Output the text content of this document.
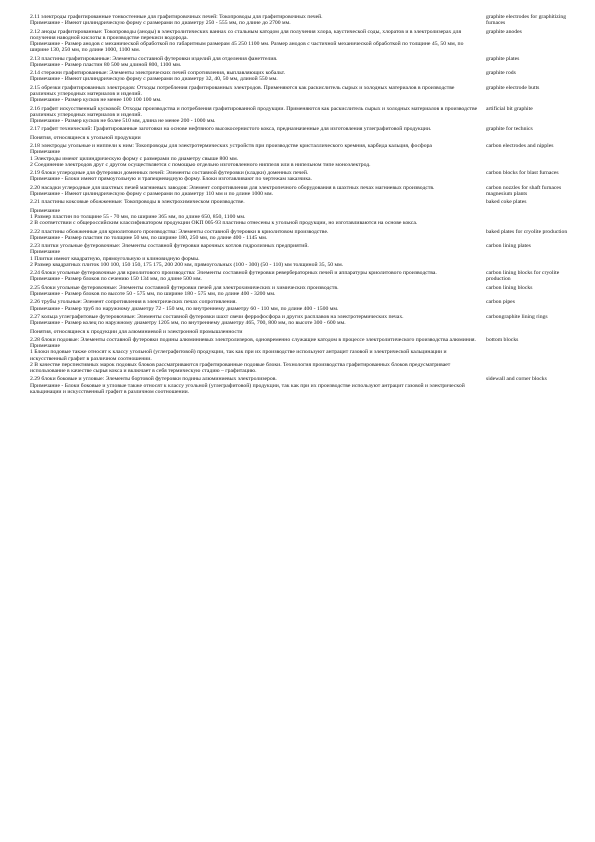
2.11 электроды графитированные тонкостенные для графитировочных печей: Токопроводы для графитировочных печей.

Примечание - Имеют цилиндрическую форму с размерами по диаметру 250 - 555 мм, по длине до 2700 мм.

graphite electrodes for graphitizing furnaces

2.12 аноды графитированные: Токопроводы (аноды) в электролитических ваннах со стальным катодом для получения хлора, каустической соды, хлоратов и в электролизерах для получения наводной кислоты в производстве перекиси водорода.

Примечание - Размер анодов с механической обработкой по габаритным размерам 45 250 1100 мм. Размер анодов с частичной механической обработкой по толщине 45, 50 мм, по ширине 130, 250 мм, по длине 1000, 1100 мм.

graphite anodes

2.13 пластины графитированные: Элементы составной футеровки изделий для отделения фанеттелия.

Примечание - Размер пластин 80 500 мм длиной 800, 1100 мм.

graphite plates

2.14 стержни графитированные: Элементы электрических печей сопротивления, выплавляющих кобальт.

Примечание - Имеют цилиндрическую форму с размерами по диаметру 32, 40, 50 мм, длиной 550 мм.

graphite rods

2.15 обрезки графитированных электродов: Отходы потребления графитированных электродов. Применяются как раскислитель сырых и холодных материалов в производстве различных углеродных материалов и изделий.

Примечание - Размер кусков не менее 100 100 100 мм.

graphite electrode butts

2.16 графит искусственный кусковой: Отходы производства и потребления графитированной продукции. Применяются как раскислитель сырых и холодных материалов в производстве различных углеродных материалов и изделий.

Примечание - Размер кусков не более 510 мм, длина не менее 200 - 1000 мм.

artificial bit graphite

2.17 графит технический: Графитированные заготовки на основе нефтяного высокосернистого кокса, предназначенные для изготовления углеграфитовой продукции.	graphite for technics
Понятия, относящиеся к угольной продукции

2.18 электроды угольные и ниппели к ним: Токопроводы для электротермических устройств при производстве кристаллического кремния, карбида кальция, фосфора

Примечание

1 Электроды имеют цилиндрическую форму с размерами по диаметру свыше 800 мм.

2 Соединение электродов друг с другом осуществляется с помощью отдельно изготовленного ниппеля или в нипельном типе моноэлектрод.

carbon electrodes and nipples

2.19 блоки углеродные для футеровки доменных печей: Элементы составной футеровки (кладки) доменных печей.

Примечание - Блоки имеют прямоугольную и трапециевидную форму. Блоки изготавливают по чертежам заказчика.

carbon blocks for blast furnaces

2.20 насадки углеродные для шахтных печей магниевых заводов: Элемент сопротивления для электропечного оборудования в шахтных печах магниевых производств.

Примечание - Имеют цилиндрическую форму с размерами по диаметру 110 мм и по длине 1000 мм.

carbon nozzles for shaft furnaces magnesium plants

2.21 пластины коксовые обожженные: Токопроводы в электрохимическом производстве.	baked coke plates

Примечание

1 Размер пластин по толщине 55 - 70 мм, по ширине 365 мм, по длине 650, 850, 1100 мм.

2 В соответствии с общероссийским классификатором продукции ОКП 005-93 пластины отнесены к угольной продукции, но изготавливаются на основе кокса.

2.22 пластины обожженные для криолитового производства: Элементы составной футеровки в криолитовом производстве.

Примечание - Размер пластин по толщине 50 мм, по ширине 180, 250 мм, по длине 400 - 1145 мм.

baked plates for cryolite production

2.23 плитки угольные футеровочные: Элементы составной футеровки варочных котлов гидролизных предприятий.

Примечание

1 Плитки имеют квадратную, прямоугольную и клиновидную формы.

2 Размер квадратных плиток 100 100, 150 150, 175 175, 200 200 мм, прямоугольных (100 - 300) (50 - 110) мм толщиной 35, 50 мм.

carbon lining plates

2.24 блоки угольные футеровочные для криолитового производства: Элементы составной футеровки ревербераторных печей и аппаратуры криолитового производства.

Примечание - Размер блоков по сечению 150 134 мм, по длине 500 мм.

carbon lining blocks for cryolite production

2.25 блоки угольные футеровочные: Элементы составной футеровки печей для электрохимических и химических производств.

Примечание - Размер блоков по высоте 50 - 575 мм, по ширине 180 - 575 мм, по длине 400 - 3200 мм.

carbon lining blocks

2.26 трубы угольные: Элемент сопротивления в электрических печах сопротивления.

Примечание - Размер труб по наружному диаметру 72 - 150 мм, по внутреннему диаметру 60 - 110 мм, по длине 400 - 1500 мм.

carbon pipes

2.27 кольца углеграфитовые футеровочные: Элементы составной футеровки шахт свечи феррофосфора и других расплавов на электротермических печах.

Примечание - Размер колец по наружному диаметру 1205 мм, по внутреннему диаметру 465, 700, 800 мм, по высоте 300 - 600 мм.

carbongraphite lining rings
Понятия, относящиеся к продукции для алюминиевой и электронной промышленности

2.28 блоки подовые: Элементы составной футеровки подины алюминиевых электролизеров, одновременно служащие катодом в процессе электролитического производства алюминия.

Примечание

1 Блоки подовые также относят к классу угольной (углеграфитовой) продукции, так как при их производстве используют антрацит газовой и электрической кальцинации и искусственный графит в различном соотношении.

2 В качестве перспективных марок подовых блоков рассматриваются графитированные подовые блоки. Технология производства графитированных блоков предусматривает использование в качестве сырья кокса и включает в себя термическую стадию – графитацию.

bottom blocks

2.29 блоки боковые и угловые: Элементы бортовой футеровки подины алюминиевых электролизеров.

Примечание - Блоки боковые и угловые также относят к классу угольной (углеграфитовой) продукции, так как при их производстве используют антрацит газовой и электрической кальцинации и искусственный графит в различном соотношении.

sidewall and corner blocks
